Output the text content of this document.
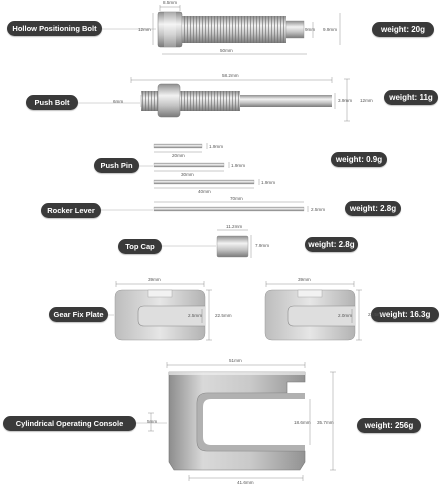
Hollow Positioning Bolt
Push Bolt
Push Pin
Rocker Lever
Top Cap
Gear Fix Plate
Cylindrical Operating Console
weight: 20g
weight: 11g
weight: 0.9g
weight: 2.8g
weight: 2.8g
weight: 16.3g
weight: 256g
8.5mm
12mm	9mm 9.9mm
50mm
58.2mm
6mm	3.9mm 12mm
1.9mm
20mm
1.9mm
30mm
1.9mm
40mm
70mm
2.5mm
11.2mm
7.9mm
39mm
2.5mm	22.5mm
39mm
2.0mm	22.5mm
51mm
5mm	18.6mm 35.7mm
41.6mm
